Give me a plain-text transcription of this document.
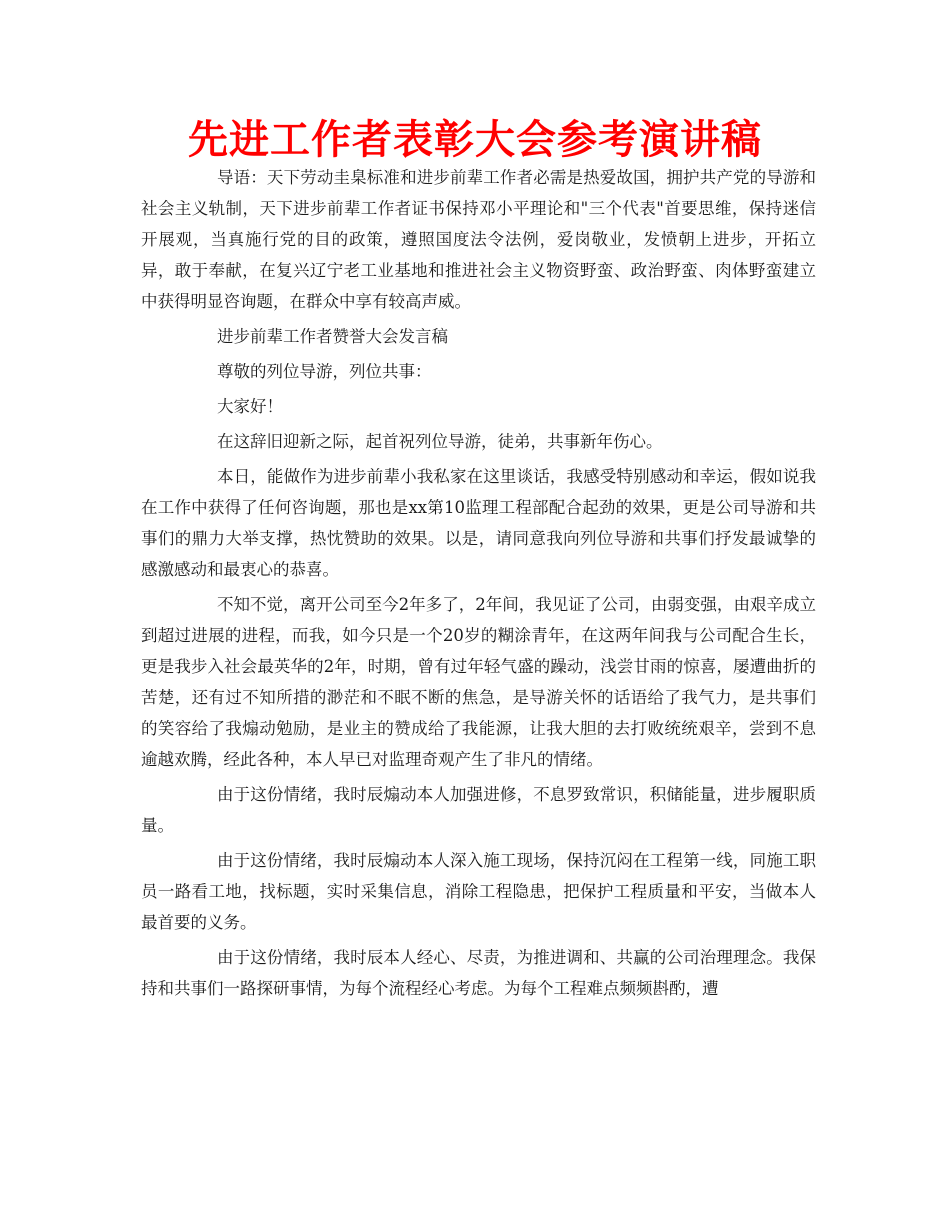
先进工作者表彰大会参考演讲稿

导语：天下劳动圭臬标准和进步前辈工作者必需是热爱故国，拥护共产党的导游和社会主义轨制，天下进步前辈工作者证书保持邓小平理论和"三个代表"首要思维，保持迷信开展观，当真施行党的目的政策，遵照国度法令法例，爱岗敬业，发愤朝上进步，开拓立异，敢于奉献，在复兴辽宁老工业基地和推进社会主义物资野蛮、政治野蛮、肉体野蛮建立中获得明显咨询题，在群众中享有较高声威。

进步前辈工作者赞誉大会发言稿

尊敬的列位导游，列位共事：

大家好！

在这辞旧迎新之际，起首祝列位导游，徒弟，共事新年伤心。

本日，能做作为进步前辈小我私家在这里谈话，我感受特别感动和幸运，假如说我在工作中获得了任何咨询题，那也是xx第10监理工程部配合起劲的效果，更是公司导游和共事们的鼎力大举支撑，热忱赞助的效果。以是，请同意我向列位导游和共事们抒发最诚挚的感激感动和最衷心的恭喜。

不知不觉，离开公司至今2年多了，2年间，我见证了公司，由弱变强，由艰辛成立到超过进展的进程，而我，如今只是一个20岁的糊涂青年，在这两年间我与公司配合生长，更是我步入社会最英华的2年，时期，曾有过年轻气盛的躁动，浅尝甘雨的惊喜，屡遭曲折的苦楚，还有过不知所措的渺茫和不眠不断的焦急，是导游关怀的话语给了我气力，是共事们的笑容给了我煽动勉励，是业主的赞成给了我能源，让我大胆的去打败统统艰辛，尝到不息逾越欢腾，经此各种，本人早已对监理奇观产生了非凡的情绪。

由于这份情绪，我时辰煽动本人加强进修，不息罗致常识，积储能量，进步履职质量。

由于这份情绪，我时辰煽动本人深入施工现场，保持沉闷在工程第一线，同施工职员一路看工地，找标题，实时采集信息，消除工程隐患，把保护工程质量和平安，当做本人最首要的义务。

由于这份情绪，我时辰本人经心、尽责，为推进调和、共赢的公司治理理念。我保持和共事们一路探研事情，为每个流程经心考虑。为每个工程难点频频斟酌，遭
